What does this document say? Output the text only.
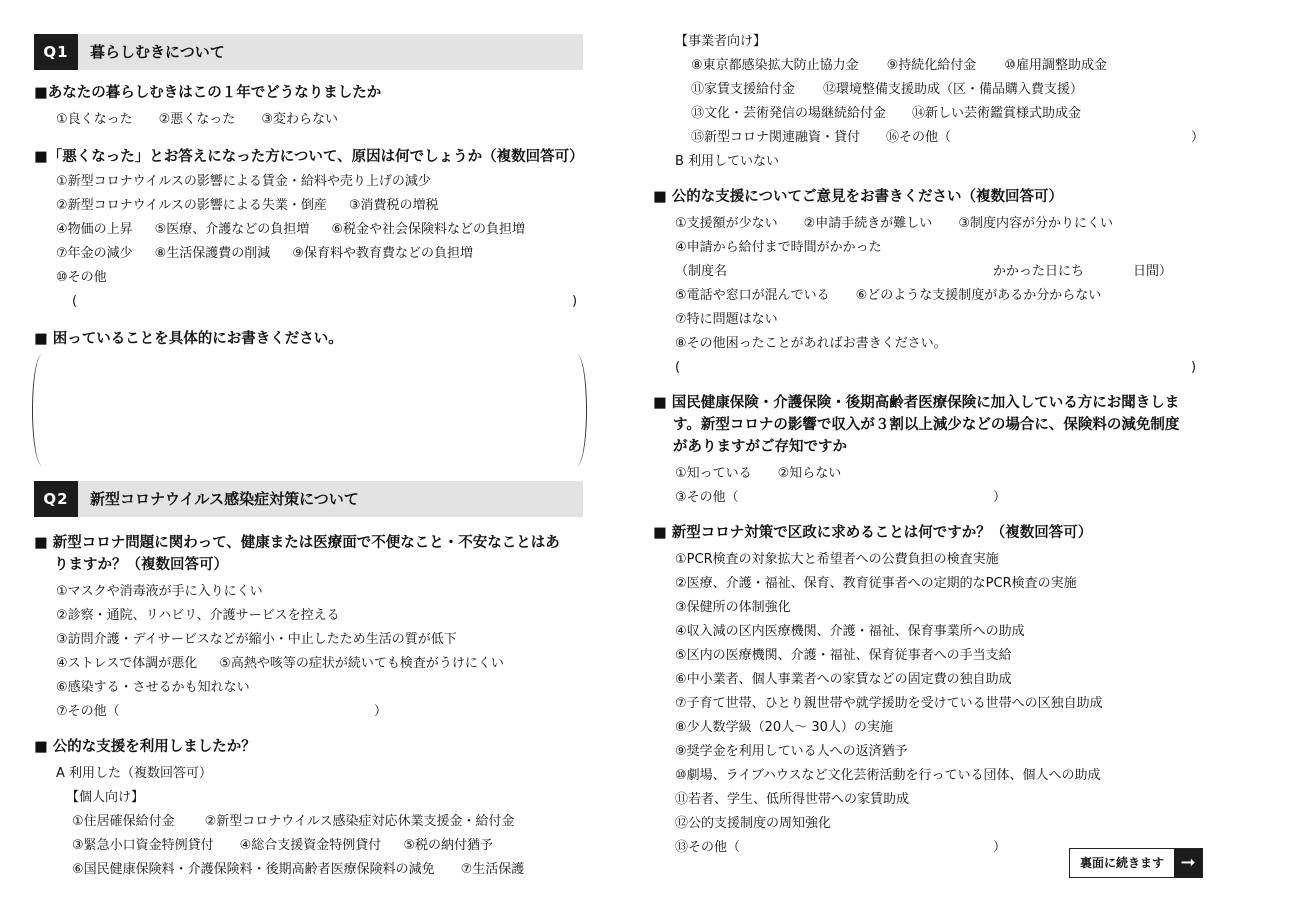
Q1	暮らしむきについて
■あなたの暮らしむきはこの１年でどうなりましたか
①良くなった ②悪くなった ③変わらない
■「悪くなった」とお答えになった方について、原因は何でしょうか（複数回答可）
①新型コロナウイルスの影響による賃金・給料や売り上げの減少
②新型コロナウイルスの影響による失業・倒産 ③消費税の増税
④物価の上昇 ⑤医療、介護などの負担増 ⑥税金や社会保険料などの負担増
⑦年金の減少 ⑧生活保護費の削減 ⑨保育料や教育費などの負担増
⑩その他
(	)
■ 困っていることを具体的にお書きください。
Q2	新型コロナウイルス感染症対策について
■ 新型コロナ問題に関わって、健康または医療面で不便なこと・不安なことはあ
りますか？（複数回答可）
①マスクや消毒液が手に入りにくい
②診察・通院、リハビリ、介護サービスを控える
③訪問介護・デイサービスなどが縮小・中止したため生活の質が低下
④ストレスで体調が悪化 ⑤高熱や咳等の症状が続いても検査がうけにくい
⑥感染する・させるかも知れない
⑦その他（	）
■ 公的な支援を利用しましたか？
A 利用した（複数回答可）
【個人向け】
①住居確保給付金 ②新型コロナウイルス感染症対応休業支援金・給付金
③緊急小口資金特例貸付 ④総合支援資金特例貸付 ⑤税の納付猶予
⑥国民健康保険料・介護保険料・後期高齢者医療保険料の減免 ⑦生活保護
【事業者向け】
⑧東京都感染拡大防止協力金 ⑨持続化給付金 ⑩雇用調整助成金
⑪家賃支援給付金 ⑫環境整備支援助成（区・備品購入費支援）
⑬文化・芸術発信の場継続給付金 ⑭新しい芸術鑑賞様式助成金
⑮新型コロナ関連融資・貸付 ⑯その他（	）
B 利用していない
■ 公的な支援についてご意見をお書きください（複数回答可）
①支援額が少ない ②申請手続きが難しい ③制度内容が分かりにくい
④申請から給付まで時間がかかった
（制度名	かかった日にち	日間）
⑤電話や窓口が混んでいる ⑥どのような支援制度があるか分からない
⑦特に問題はない
⑧その他困ったことがあればお書きください。
(	)
■ 国民健康保険・介護保険・後期高齢者医療保険に加入している方にお聞きしま
す。新型コロナの影響で収入が３割以上減少などの場合に、保険料の減免制度
がありますがご存知ですか
①知っている ②知らない
③その他（	）
■ 新型コロナ対策で区政に求めることは何ですか？（複数回答可）
①PCR検査の対象拡大と希望者への公費負担の検査実施
②医療、介護・福祉、保育、教育従事者への定期的なPCR検査の実施
③保健所の体制強化
④収入減の区内医療機関、介護・福祉、保育事業所への助成
⑤区内の医療機関、介護・福祉、保育従事者への手当支給
⑥中小業者、個人事業者への家賃などの固定費の独自助成
⑦子育て世帯、ひとり親世帯や就学援助を受けている世帯への区独自助成
⑧少人数学級（20人～ 30人）の実施
⑨奨学金を利用している人への返済猶予
⑩劇場、ライブハウスなど文化芸術活動を行っている団体、個人への助成
⑪若者、学生、低所得世帯への家賃助成
⑫公的支援制度の周知強化
⑬その他（	）
裏面に続きます ➞
